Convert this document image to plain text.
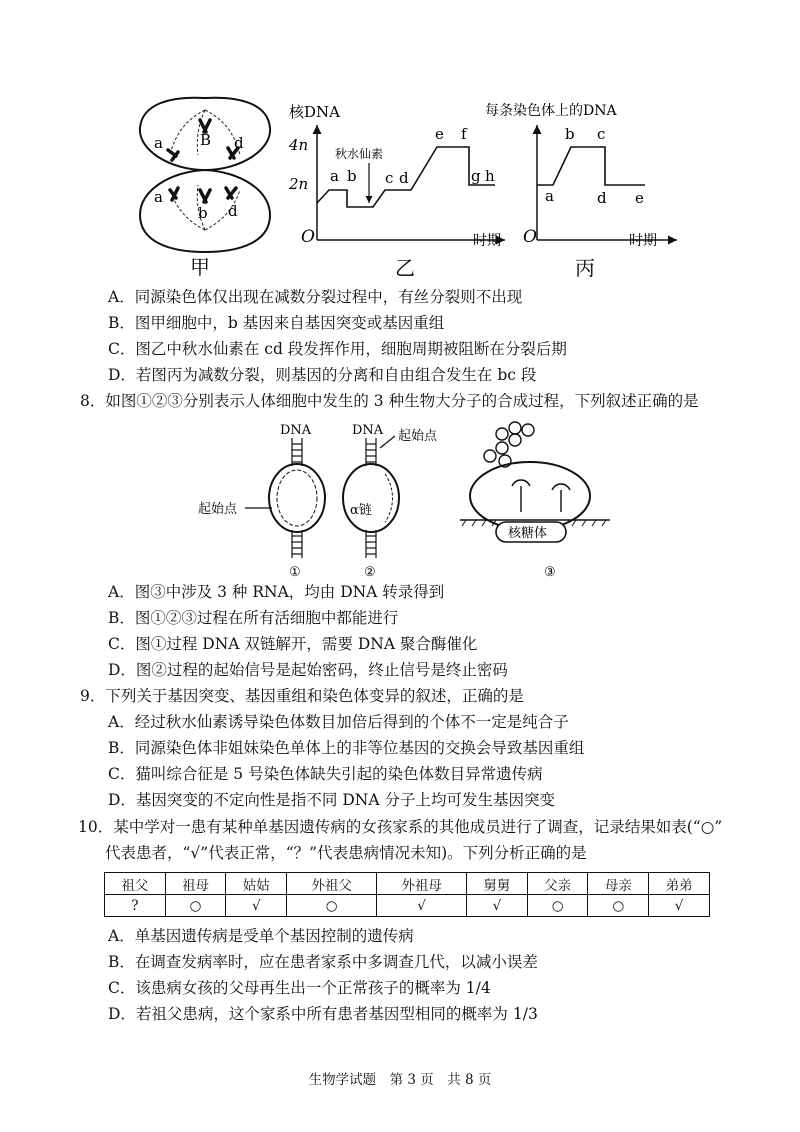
a B d
a
b d
甲
核DNA
4n
2n
O	时期
秋水仙素
a b c d
e f
g h
乙
每条染色体上的DNA
O	时期
a
b c
d e
丙
A．同源染色体仅出现在减数分裂过程中，有丝分裂则不出现
B．图甲细胞中，b 基因来自基因突变或基因重组
C．图乙中秋水仙素在 cd 段发挥作用，细胞周期被阻断在分裂后期
D．若图丙为减数分裂，则基因的分离和自由组合发生在 bc 段
8．如图①②③分别表示人体细胞中发生的 3 种生物大分子的合成过程，下列叙述正确的是
DNA
起始点
①
DNA 起始点
α链
②
核糖体
③
A．图③中涉及 3 种 RNA，均由 DNA 转录得到
B．图①②③过程在所有活细胞中都能进行
C．图①过程 DNA 双链解开，需要 DNA 聚合酶催化
D．图②过程的起始信号是起始密码，终止信号是终止密码
9．下列关于基因突变、基因重组和染色体变异的叙述，正确的是
A．经过秋水仙素诱导染色体数目加倍后得到的个体不一定是纯合子
B．同源染色体非姐妹染色单体上的非等位基因的交换会导致基因重组
C．猫叫综合征是 5 号染色体缺失引起的染色体数目异常遗传病
D．基因突变的不定向性是指不同 DNA 分子上均可发生基因突变
10．某中学对一患有某种单基因遗传病的女孩家系的其他成员进行了调查，记录结果如表(“○”
代表患者，“√”代表正常，“？”代表患病情况未知)。下列分析正确的是
祖父	祖母	姑姑	外祖父	外祖母	舅舅	父亲	母亲	弟弟
?	○	√	○	√	√	○	○	√
A．单基因遗传病是受单个基因控制的遗传病
B．在调查发病率时，应在患者家系中多调查几代，以减小误差
C．该患病女孩的父母再生出一个正常孩子的概率为 1/4
D．若祖父患病，这个家系中所有患者基因型相同的概率为 1/3
生物学试题　第 3 页　共 8 页
